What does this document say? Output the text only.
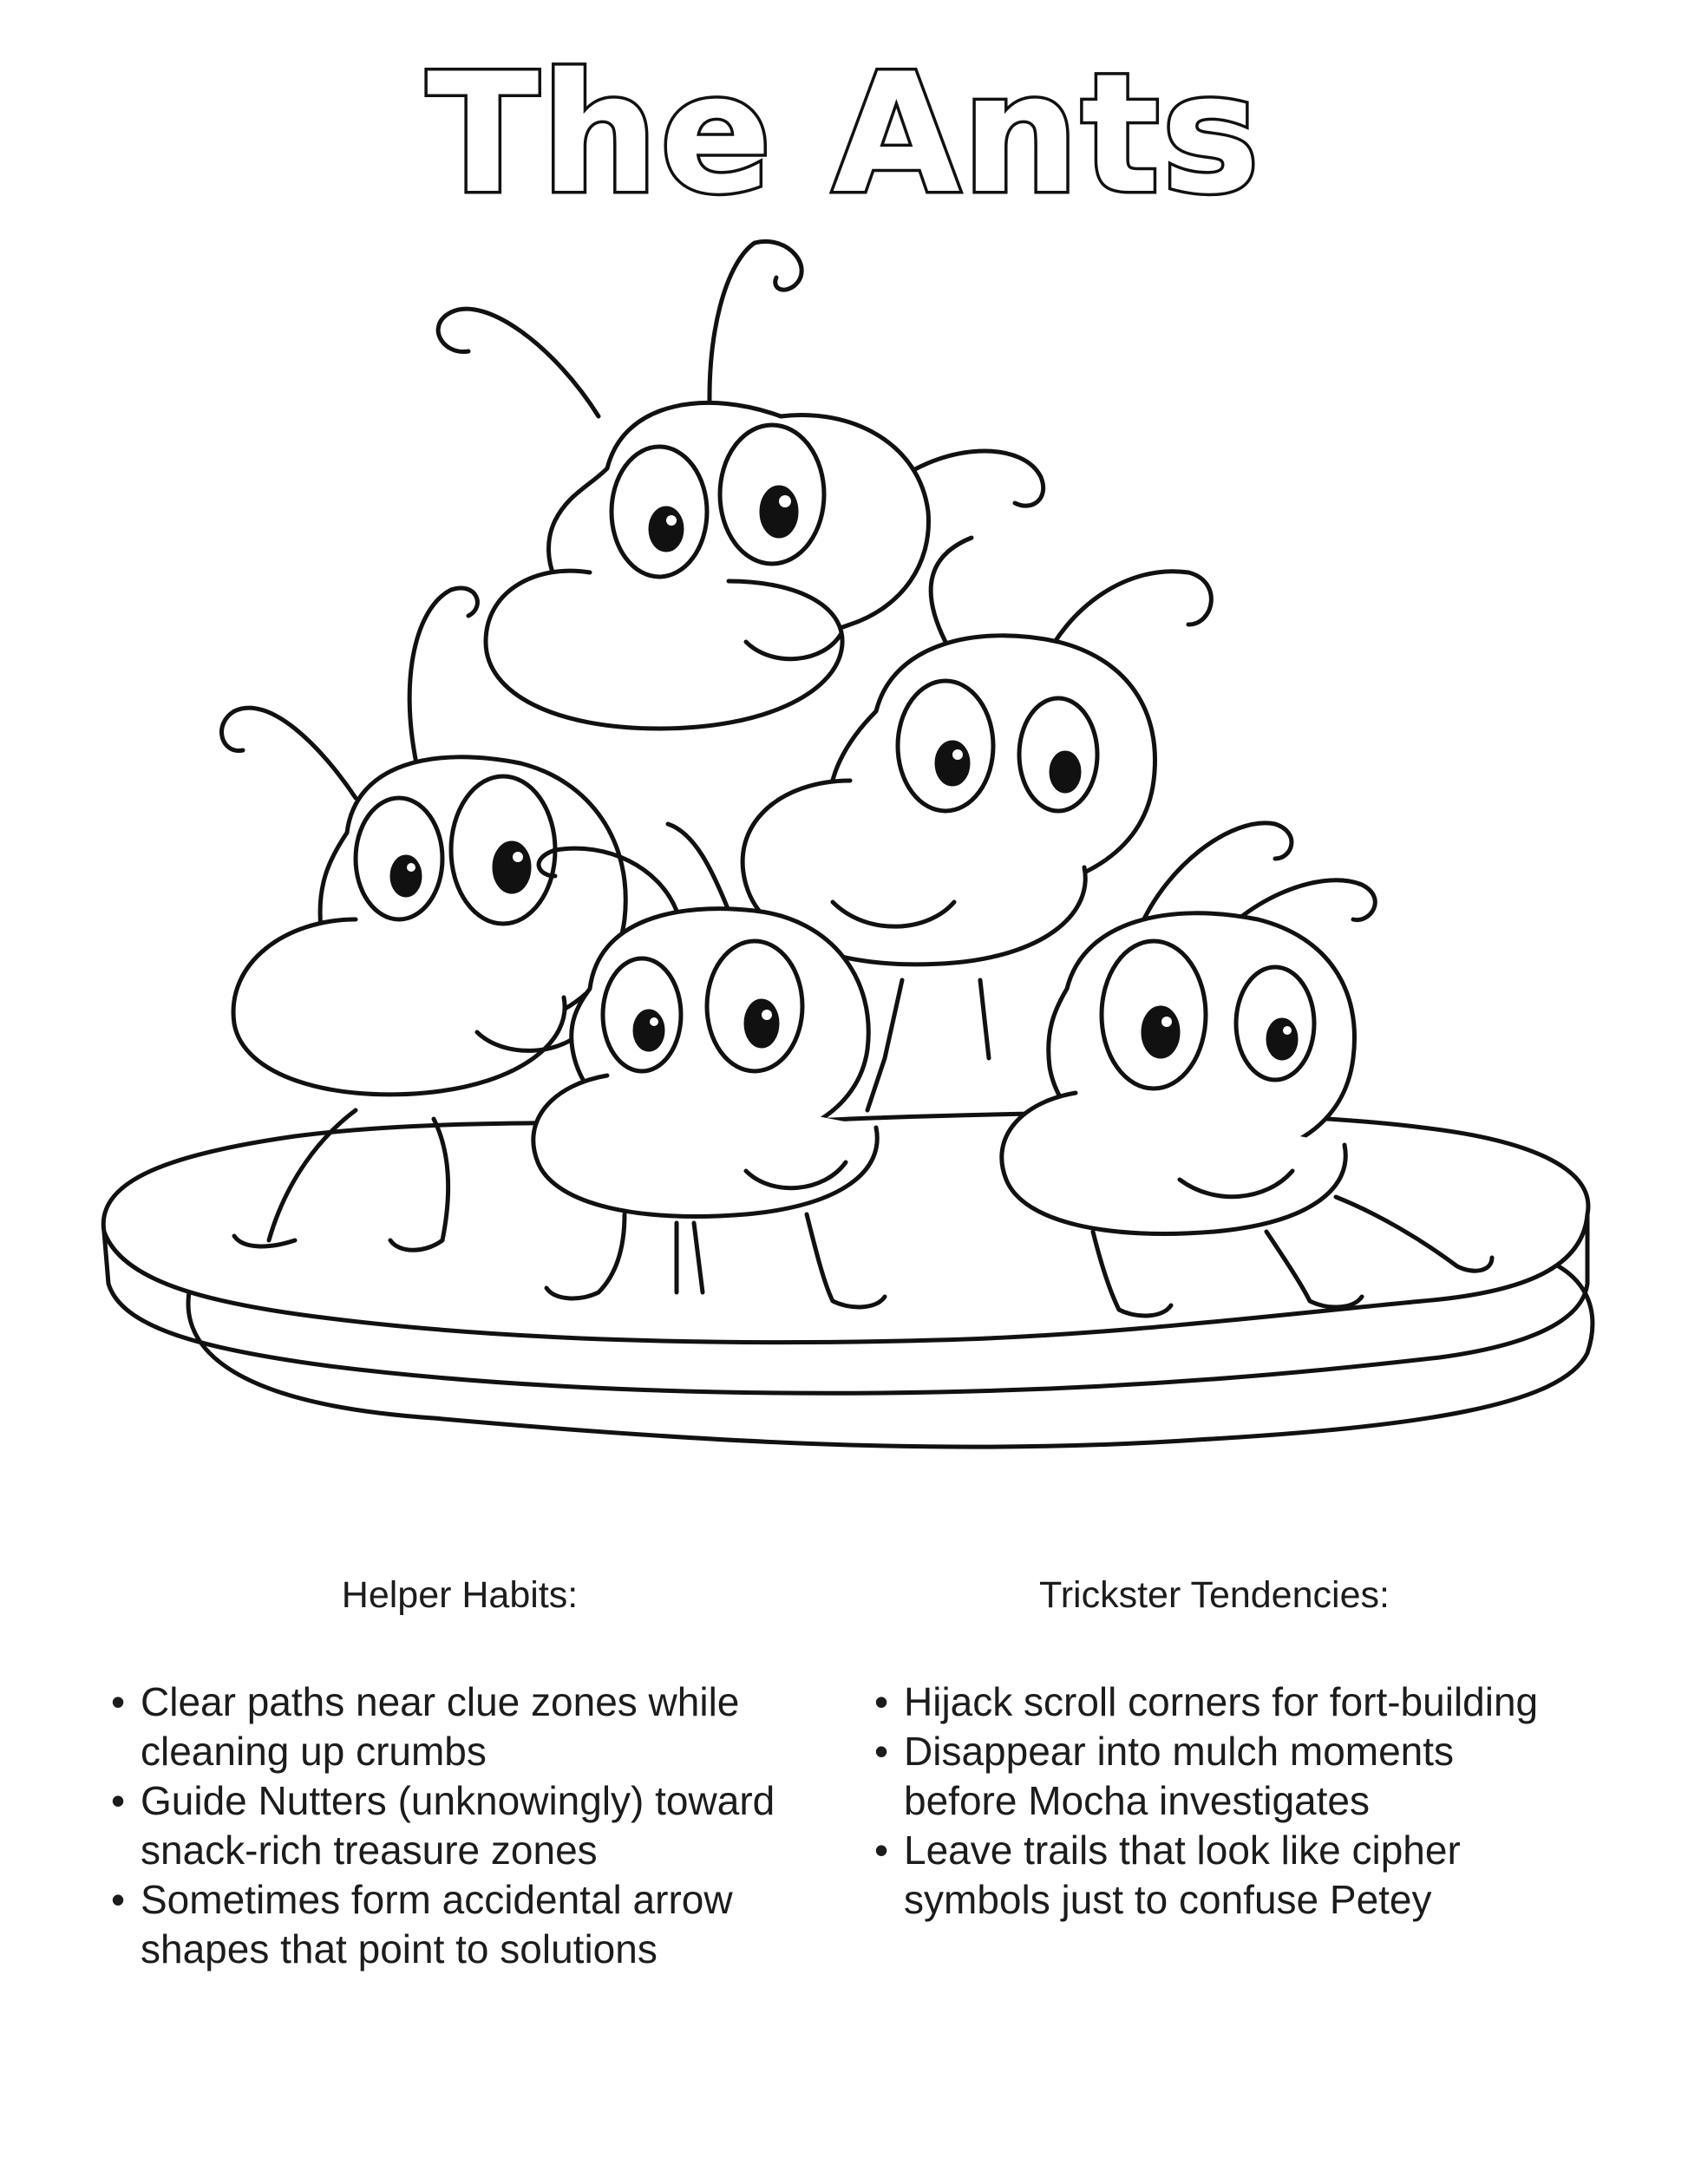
The Ants
Helper Habits:
• Clear paths near clue zones while cleaning up crumbs
• Guide Nutters (unknowingly) toward snack-rich treasure zones
• Sometimes form accidental arrow shapes that point to solutions
Trickster Tendencies:
• Hijack scroll corners for fort-building
• Disappear into mulch moments before Mocha investigates
• Leave trails that look like cipher symbols just to confuse Petey
